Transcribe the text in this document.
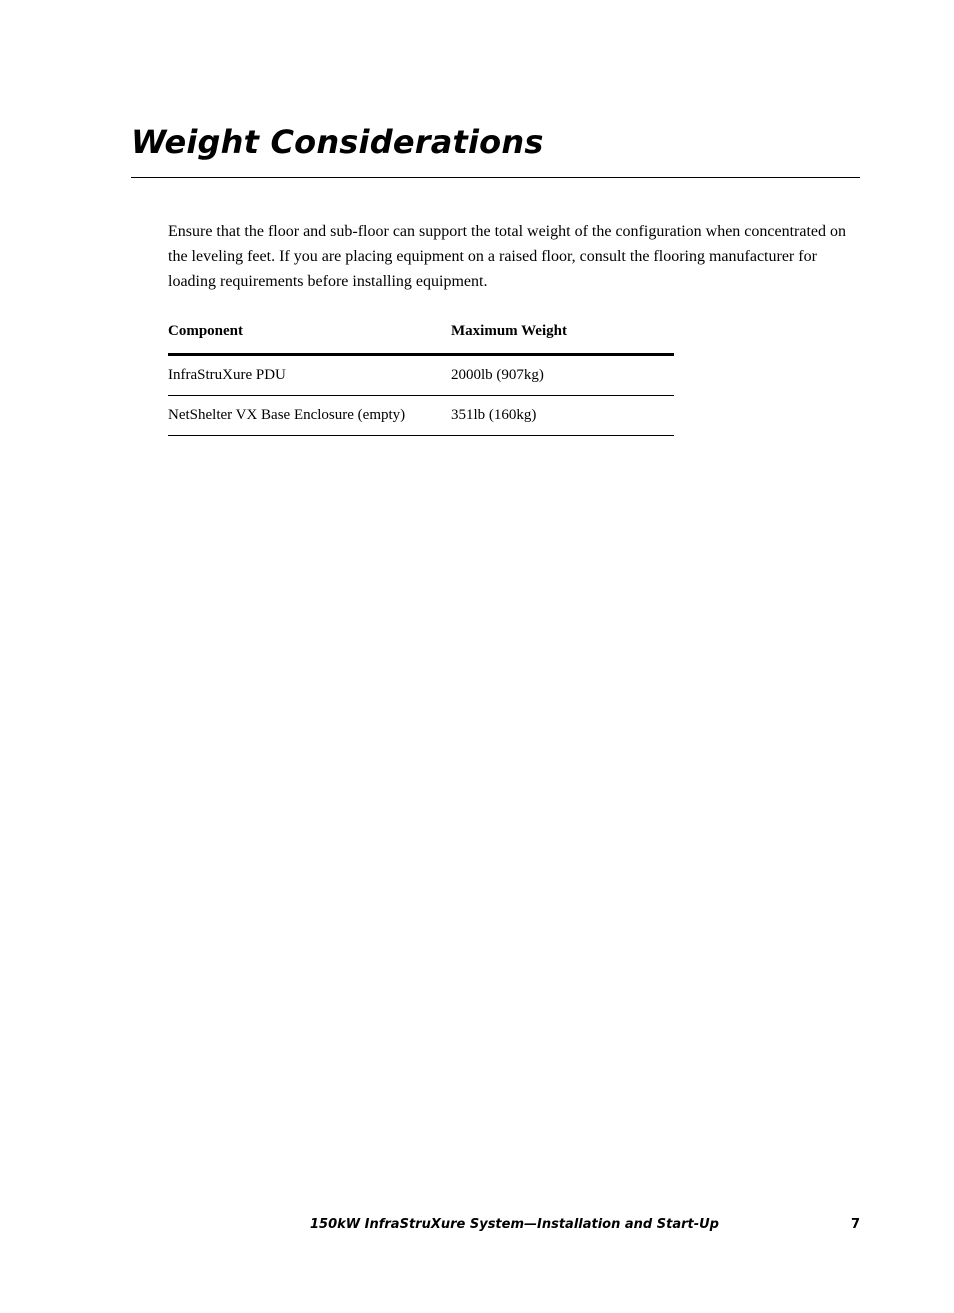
Weight Considerations

Ensure that the floor and sub-floor can support the total weight of the configuration when concentrated on the leveling feet. If you are placing equipment on a raised floor, consult the flooring manufacturer for loading requirements before installing equipment.

Component	Maximum Weight
InfraStruXure PDU	2000lb (907kg)
NetShelter VX Base Enclosure (empty)	351lb (160kg)
150kW InfraStruXure System—Installation and Start-Up	7
